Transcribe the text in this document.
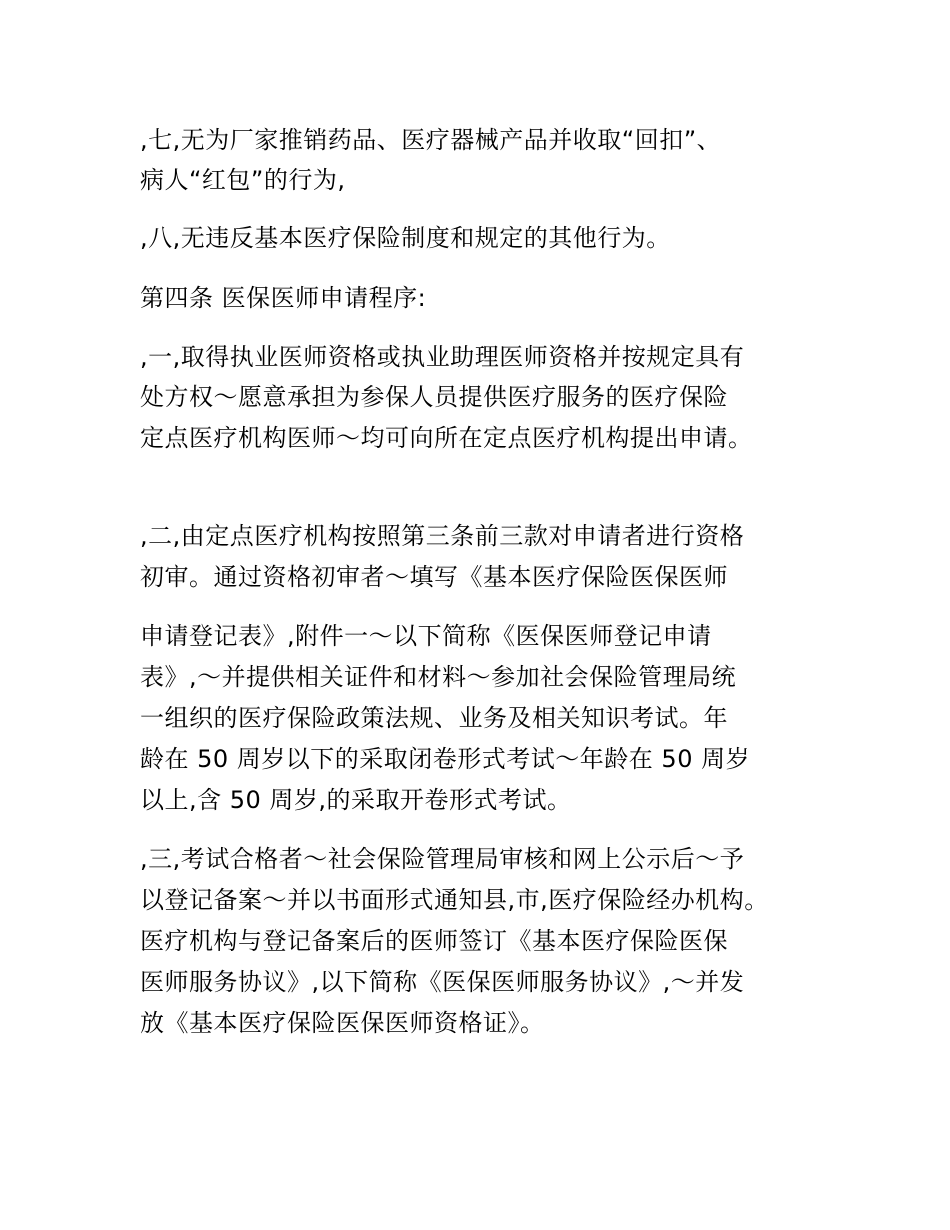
,七,无为厂家推销药品、医疗器械产品并收取“回扣”、

病人“红包”的行为,

,八,无违反基本医疗保险制度和规定的其他行为。

第四条 医保医师申请程序:

,一,取得执业医师资格或执业助理医师资格并按规定具有

处方权～愿意承担为参保人员提供医疗服务的医疗保险

定点医疗机构医师～均可向所在定点医疗机构提出申请。

,二,由定点医疗机构按照第三条前三款对申请者进行资格

初审。通过资格初审者～填写《基本医疗保险医保医师

申请登记表》,附件一～以下简称《医保医师登记申请

表》,～并提供相关证件和材料～参加社会保险管理局统

一组织的医疗保险政策法规、业务及相关知识考试。年

龄在 50 周岁以下的采取闭卷形式考试～年龄在 50 周岁

以上,含 50 周岁,的采取开卷形式考试。

,三,考试合格者～社会保险管理局审核和网上公示后～予

以登记备案～并以书面形式通知县,市,医疗保险经办机构。

医疗机构与登记备案后的医师签订《基本医疗保险医保

医师服务协议》,以下简称《医保医师服务协议》,～并发

放《基本医疗保险医保医师资格证》。
